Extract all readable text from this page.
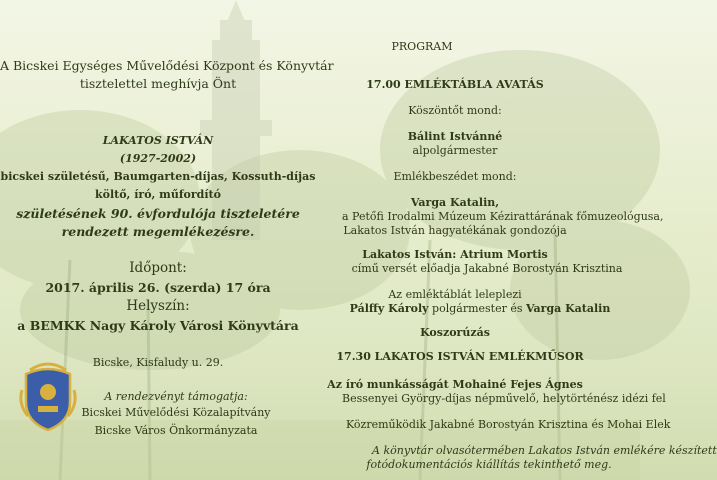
A Bicskei Egységes Művelődési Központ és Könyvtár
tisztelettel meghívja Önt
LAKATOS ISTVÁN
(1927-2002)
bicskei születésű, Baumgarten-díjas, Kossuth-díjas
költő, író, műfordító
születésének 90. évfordulója tiszteletére
rendezett megemlékezésre.
Időpont:
2017. április 26. (szerda) 17 óra
Helyszín:
a BEMKK Nagy Károly Városi Könyvtára
Bicske, Kisfaludy u. 29.
A rendezvényt támogatja:
Bicskei Művelődési Közalapítvány
Bicske Város Önkormányzata
PROGRAM
17.00 EMLÉKTÁBLA AVATÁS
Köszöntőt mond:
Bálint Istvánné
alpolgármester
Emlékbeszédet mond:
Varga Katalin,
a Petőfi Irodalmi Múzeum Kézirattárának főmuzeológusa,
Lakatos István hagyatékának gondozója
Lakatos István: Atrium Mortis
című versét előadja Jakabné Borostyán Krisztina
Az emléktáblát leleplezi
Pálffy Károly polgármester és Varga Katalin
Koszorúzás
17.30 LAKATOS ISTVÁN EMLÉKMŰSOR
Az író munkásságát Mohainé Fejes Ágnes
Bessenyei György-díjas népművelő, helytörténész idézi fel
Közreműködik Jakabné Borostyán Krisztina és Mohai Elek
A könyvtár olvasótermében Lakatos István emlékére készített
fotódokumentációs kiállítás tekinthető meg.
